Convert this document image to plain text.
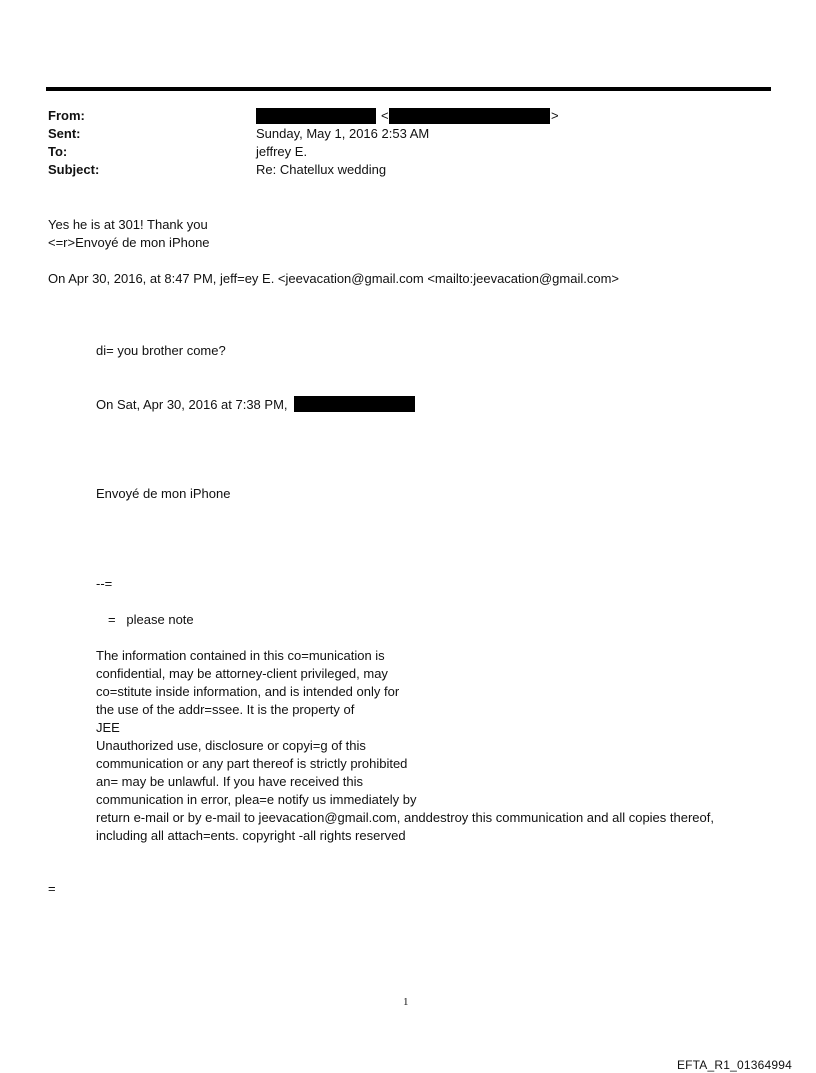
From:
Sent:
To:
Subject:
<	>
Sunday, May 1, 2016 2:53 AM
jeffrey E.
Re: Chatellux wedding
Yes he is at 301! Thank you
<=r>Envoyé de mon iPhone
On Apr 30, 2016, at 8:47 PM, jeff=ey E. <jeevacation@gmail.com <mailto:jeevacation@gmail.com>
di= you brother come?
On Sat, Apr 30, 2016 at 7:38 PM,
Envoyé de mon iPhone
--=
=   please note
The information contained in this co=munication is
confidential, may be attorney-client privileged, may
co=stitute inside information, and is intended only for
the use of the addr=ssee. It is the property of
JEE
Unauthorized use, disclosure or copyi=g of this
communication or any part thereof is strictly prohibited
an= may be unlawful. If you have received this
communication in error, plea=e notify us immediately by
return e-mail or by e-mail to jeevacation@gmail.com, anddestroy this communication and all copies thereof,
including all attach=ents. copyright -all rights reserved
=
1
EFTA_R1_01364994
